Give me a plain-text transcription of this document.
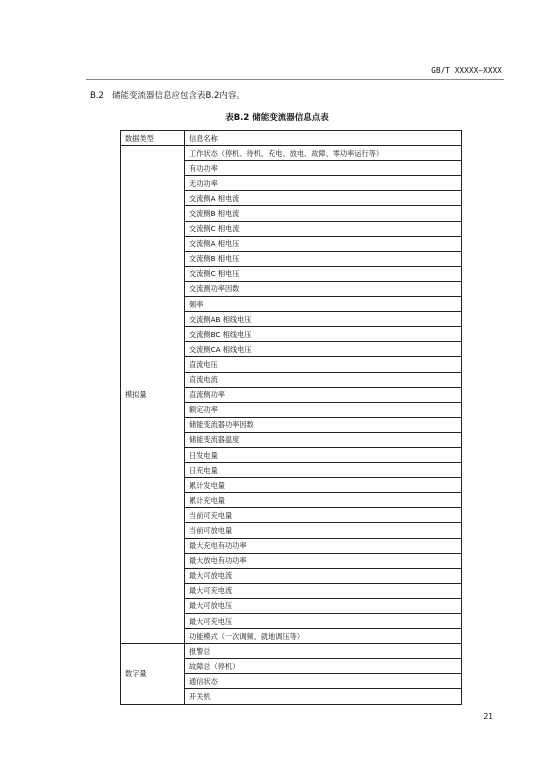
GB/T XXXXX—XXXX
B.2 储能变流器信息应包含表B.2内容。
表B.2 储能变流器信息点表
数据类型	信息名称
模拟量	工作状态（停机、待机、充电、放电、故障、零功率运行等）
	有功功率
	无功功率
	交流侧A 相电流
	交流侧B 相电流
	交流侧C 相电流
	交流侧A 相电压
	交流侧B 相电压
	交流侧C 相电压
	交流测功率因数
	频率
	交流侧AB 相线电压
	交流侧BC 相线电压
	交流侧CA 相线电压
	直流电压
	直流电流
	直流侧功率
	额定功率
	储能变流器功率因数
	储能变流器温度
	日发电量
	日充电量
	累计发电量
	累计充电量
	当前可充电量
	当前可放电量
	最大充电有功功率
	最大放电有功功率
	最大可放电流
	最大可充电流
	最大可放电压
	最大可充电压
	功能模式（一次调频、就地调压等）
数字量	报警总
	故障总（停机）
	通信状态
	开关机
21
